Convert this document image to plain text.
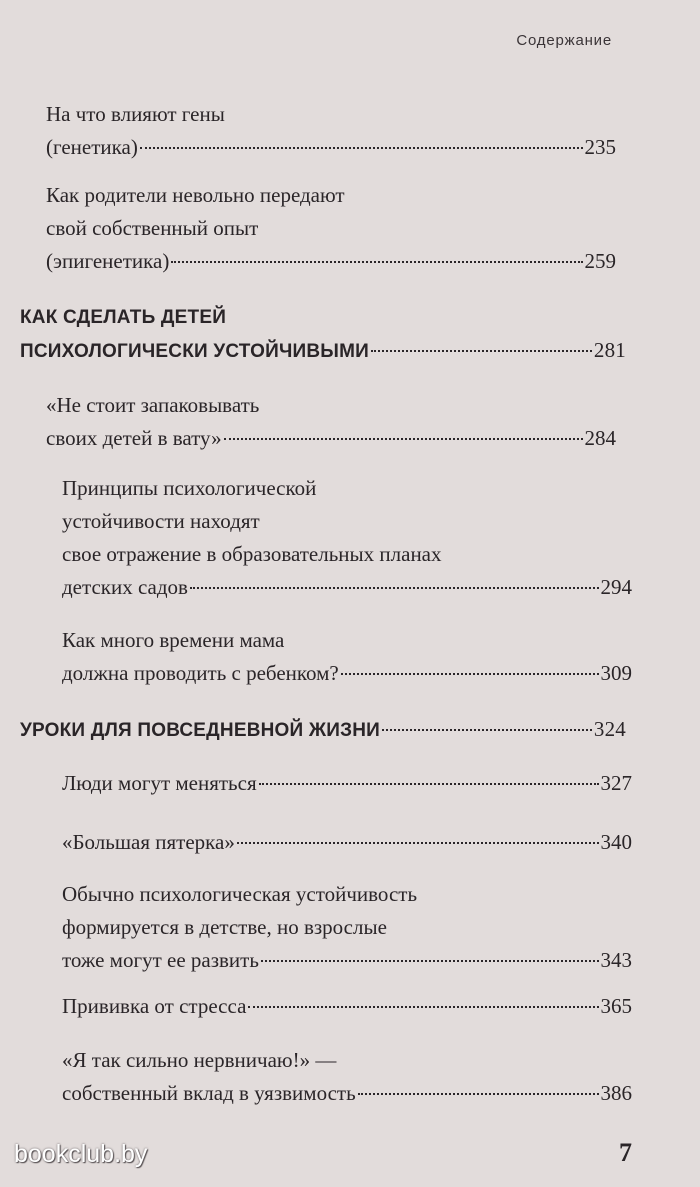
Содержание
На что влияют гены
(генетика)	235
Как родители невольно передают
свой собственный опыт
(эпигенетика)	259
КАК СДЕЛАТЬ ДЕТЕЙ
ПСИХОЛОГИЧЕСКИ УСТОЙЧИВЫМИ	281
«Не стоит запаковывать
своих детей в вату»	284
Принципы психологической
устойчивости находят
свое отражение в образовательных планах
детских садов	294
Как много времени мама
должна проводить с ребенком?	309
УРОКИ ДЛЯ ПОВСЕДНЕВНОЙ ЖИЗНИ	324
Люди могут меняться	327
«Большая пятерка»	340
Обычно психологическая устойчивость
формируется в детстве, но взрослые
тоже могут ее развить	343
Прививка от стресса	365
«Я так сильно нервничаю!» —
собственный вклад в уязвимость	386
bookclub.by	7
